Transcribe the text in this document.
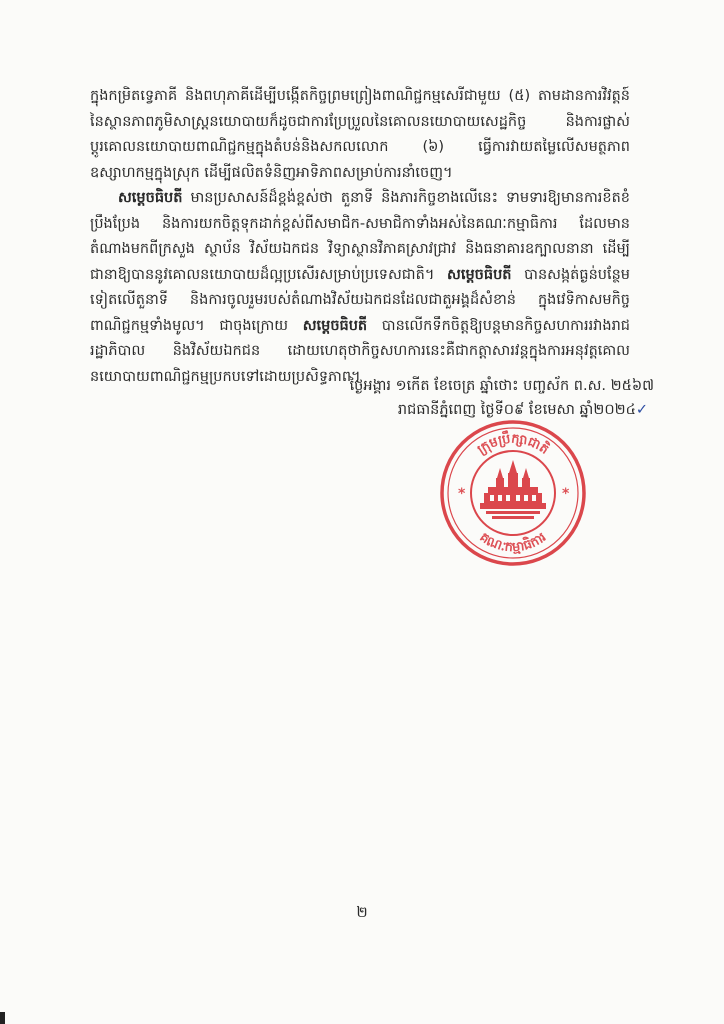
ក្នុងកម្រិតទ្វេភាគី និងពហុភាគីដើម្បីបង្កើតកិច្ចព្រមព្រៀងពាណិជ្ជកម្មសេរីជាមួយ (៥) តាមដានការវិវត្តន៍នៃស្ថានភាពភូមិសាស្ត្រនយោបាយក៏ដូចជាការប្រែប្រួលនៃគោលនយោបាយសេដ្ឋកិច្ច និងការផ្លាស់ប្តូរគោលនយោបាយពាណិជ្ជកម្មក្នុងតំបន់និងសកលលោក (៦) ធ្វើការវាយតម្លៃលើសមត្ថភាពឧស្សាហកម្មក្នុងស្រុក ដើម្បីផលិតទំនិញអាទិភាពសម្រាប់ការនាំចេញ។

សម្តេចធិបតី មានប្រសាសន៍ដ៏ខ្ពង់ខ្ពស់ថា តួនាទី និងភារកិច្ចខាងលើនេះ ទាមទារឱ្យមានការខិតខំប្រឹងប្រែង និងការយកចិត្តទុកដាក់ខ្ពស់ពីសមាជិក-សមាជិកាទាំងអស់នៃគណៈកម្មាធិការ ដែលមានតំណាងមកពីក្រសួង ស្ថាប័ន វិស័យឯកជន វិទ្យាស្ថានវិភាគស្រាវជ្រាវ និងធនាគារឧក្បាលនានា ដើម្បីជានាឱ្យបាននូវគោលនយោបាយដ៏ល្អប្រសើរសម្រាប់ប្រទេសជាតិ។ សម្តេចធិបតី បានសង្កត់ធ្ងន់បន្ថែមទៀតលើតួនាទី និងការចូលរួមរបស់តំណាងវិស័យឯកជនដែលជាតួអង្គដ៏សំខាន់ ក្នុងវេទិកាសមកិច្ចពាណិជ្ជកម្មទាំងមូល។ ជាចុងក្រោយ សម្តេចធិបតី បានលើកទឹកចិត្តឱ្យបន្តមានកិច្ចសហការរវាងរាជរដ្ឋាភិបាល និងវិស័យឯកជន ដោយហេតុថាកិច្ចសហការនេះគឺជាកត្តាសារវន្តក្នុងការអនុវត្តគោលនយោបាយពាណិជ្ជកម្មប្រកបទៅដោយប្រសិទ្ធភាព។

ថ្ងៃអង្គារ ១កើត ខែចេត្រ ឆ្នាំថោះ បញ្ចស័ក ព.ស. ២៥៦៧
រាជធានីភ្នំពេញ ថ្ងៃទី០៩ ខែមេសា ឆ្នាំ២០២៤✓
ក្រុមប្រឹក្សាជាតិ
គណៈកម្មាធិការ
*	*
២
